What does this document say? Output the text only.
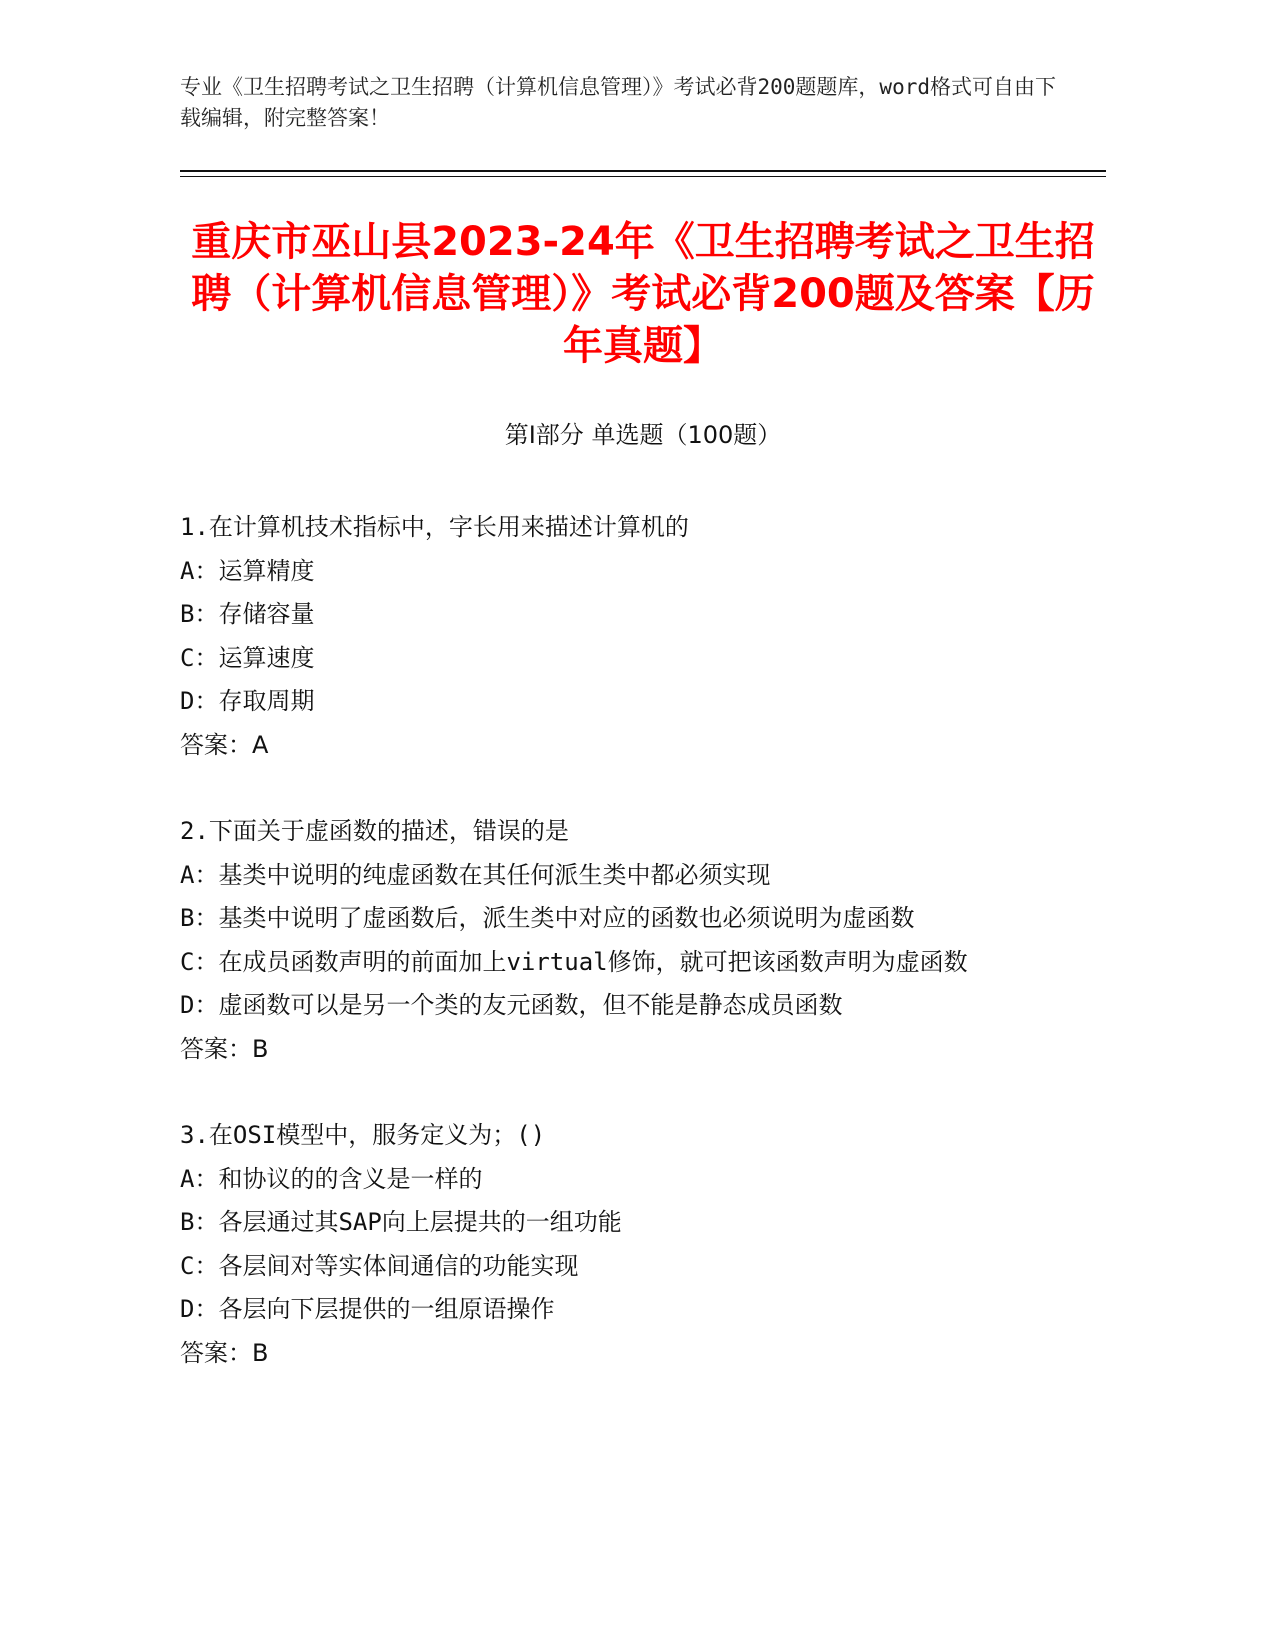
专业《卫生招聘考试之卫生招聘（计算机信息管理）》考试必背200题题库，word格式可自由下载编辑，附完整答案！
重庆市巫山县2023-24年《卫生招聘考试之卫生招聘（计算机信息管理）》考试必背200题及答案【历年真题】
第Ⅰ部分 单选题（100题）
1.在计算机技术指标中，字长用来描述计算机的
A：运算精度
B：存储容量
C：运算速度
D：存取周期
答案：A
2.下面关于虚函数的描述，错误的是
A：基类中说明的纯虚函数在其任何派生类中都必须实现
B：基类中说明了虚函数后，派生类中对应的函数也必须说明为虚函数
C：在成员函数声明的前面加上virtual修饰，就可把该函数声明为虚函数
D：虚函数可以是另一个类的友元函数，但不能是静态成员函数
答案：B
3.在OSI模型中，服务定义为；()
A：和协议的的含义是一样的
B：各层通过其SAP向上层提共的一组功能
C：各层间对等实体间通信的功能实现
D：各层向下层提供的一组原语操作
答案：B
